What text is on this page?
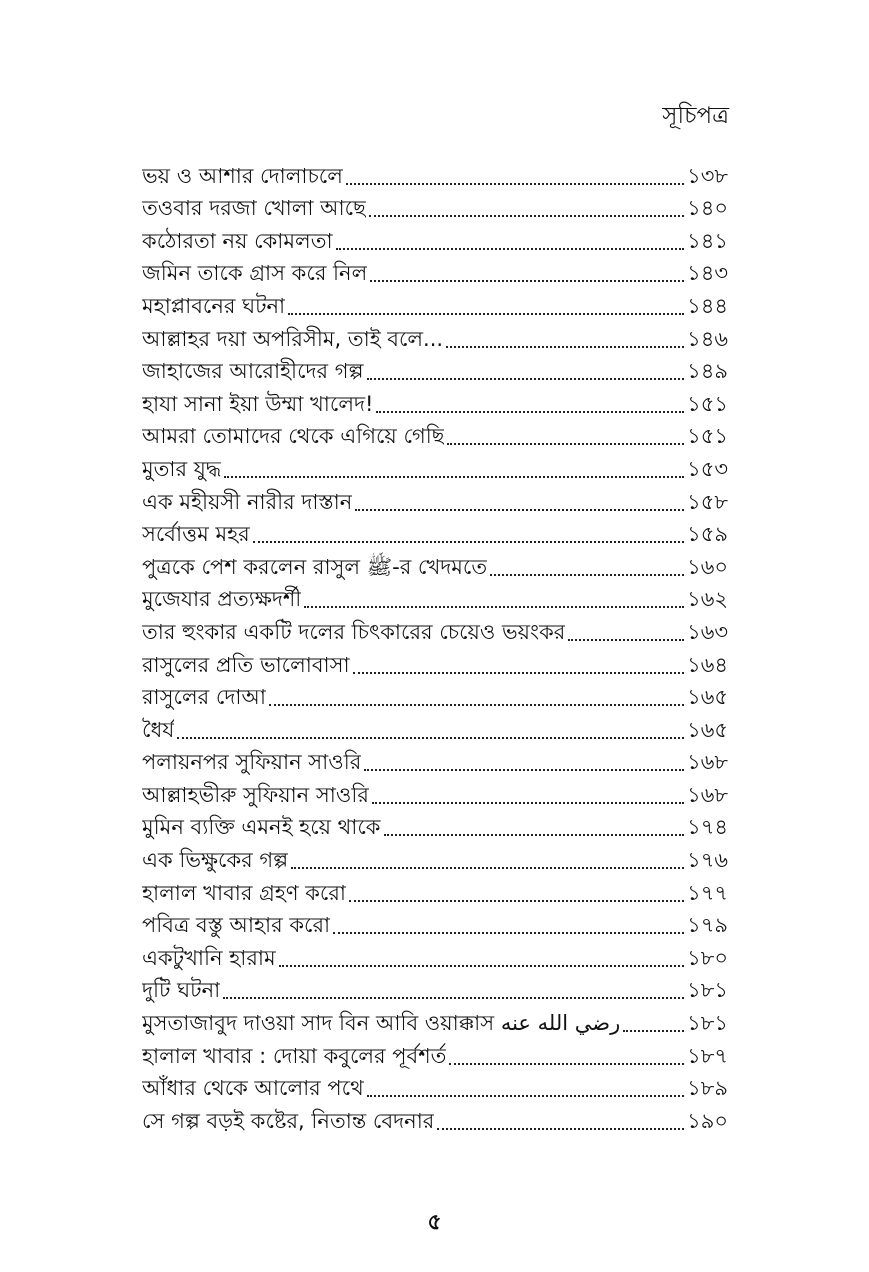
সূচিপত্র
ভয় ও আশার দোলাচলে	১৩৮
তওবার দরজা খোলা আছে	১৪০
কঠোরতা নয় কোমলতা	১৪১
জমিন তাকে গ্রাস করে নিল	১৪৩
মহাপ্লাবনের ঘটনা	১৪৪
আল্লাহর দয়া অপরিসীম, তাই বলে...	১৪৬
জাহাজের আরোহীদের গল্প	১৪৯
হাযা সানা ইয়া উম্মা খালেদ!	১৫১
আমরা তোমাদের থেকে এগিয়ে গেছি	১৫১
মুতার যুদ্ধ	১৫৩
এক মহীয়সী নারীর দাস্তান	১৫৮
সর্বোত্তম মহর	১৫৯
পুত্রকে পেশ করলেন রাসুল ﷺ-র খেদমতে	১৬০
মুজেযার প্রত্যক্ষদর্শী	১৬২
তার হুংকার একটি দলের চিৎকারের চেয়েও ভয়ংকর	১৬৩
রাসুলের প্রতি ভালোবাসা	১৬৪
রাসুলের দোআ	১৬৫
ধৈর্য	১৬৫
পলায়নপর সুফিয়ান সাওরি	১৬৮
আল্লাহভীরু সুফিয়ান সাওরি	১৬৮
মুমিন ব্যক্তি এমনই হয়ে থাকে	১৭৪
এক ভিক্ষুকের গল্প	১৭৬
হালাল খাবার গ্রহণ করো	১৭৭
পবিত্র বস্তু আহার করো	১৭৯
একটুখানি হারাম	১৮০
দুটি ঘটনা	১৮১
মুসতাজাবুদ দাওয়া সাদ বিন আবি ওয়াক্কাস رضي الله عنه	১৮১
হালাল খাবার : দোয়া কবুলের পূর্বশর্ত	১৮৭
আঁধার থেকে আলোর পথে	১৮৯
সে গল্প বড়ই কষ্টের, নিতান্ত বেদনার	১৯০
৫
